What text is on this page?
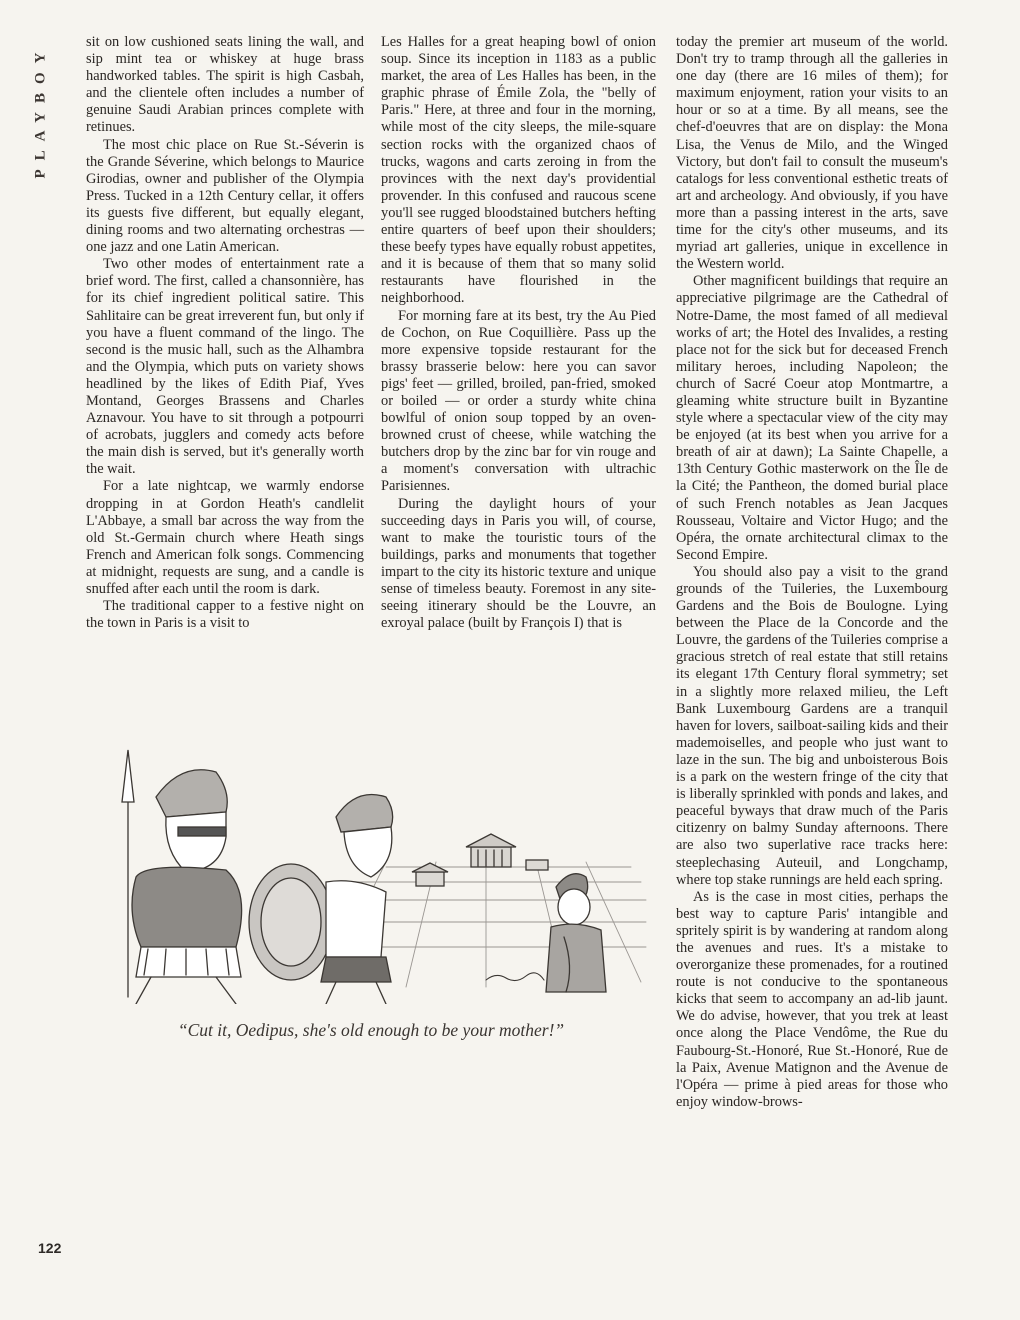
PLAYBOY

sit on low cushioned seats lining the wall, and sip mint tea or whiskey at huge brass handworked tables. The spirit is high Casbah, and the clientele often includes a number of genuine Saudi Arabian princes complete with retinues.

The most chic place on Rue St.-Séverin is the Grande Séverine, which belongs to Maurice Girodias, owner and publisher of the Olympia Press. Tucked in a 12th Century cellar, it offers its guests five different, but equally elegant, dining rooms and two alternating orchestras — one jazz and one Latin American.

Two other modes of entertainment rate a brief word. The first, called a chansonnière, has for its chief ingredient political satire. This Sahlitaire can be great irreverent fun, but only if you have a fluent command of the lingo. The second is the music hall, such as the Alhambra and the Olympia, which puts on variety shows headlined by the likes of Edith Piaf, Yves Montand, Georges Brassens and Charles Aznavour. You have to sit through a potpourri of acrobats, jugglers and comedy acts before the main dish is served, but it's generally worth the wait.

For a late nightcap, we warmly endorse dropping in at Gordon Heath's candlelit L'Abbaye, a small bar across the way from the old St.-Germain church where Heath sings French and American folk songs. Commencing at midnight, requests are sung, and a candle is snuffed after each until the room is dark.

The traditional capper to a festive night on the town in Paris is a visit to

Les Halles for a great heaping bowl of onion soup. Since its inception in 1183 as a public market, the area of Les Halles has been, in the graphic phrase of Émile Zola, the "belly of Paris." Here, at three and four in the morning, while most of the city sleeps, the mile-square section rocks with the organized chaos of trucks, wagons and carts zeroing in from the provinces with the next day's providential provender. In this confused and raucous scene you'll see rugged bloodstained butchers hefting entire quarters of beef upon their shoulders; these beefy types have equally robust appetites, and it is because of them that so many solid restaurants have flourished in the neighborhood.

For morning fare at its best, try the Au Pied de Cochon, on Rue Coquillière. Pass up the more expensive topside restaurant for the brassy brasserie below: here you can savor pigs' feet — grilled, broiled, pan-fried, smoked or boiled — or order a sturdy white china bowlful of onion soup topped by an oven-browned crust of cheese, while watching the butchers drop by the zinc bar for vin rouge and a moment's conversation with ultrachic Parisiennes.

During the daylight hours of your succeeding days in Paris you will, of course, want to make the touristic tours of the buildings, parks and monuments that together impart to the city its historic texture and unique sense of timeless beauty. Foremost in any site-seeing itinerary should be the Louvre, an exroyal palace (built by François I) that is

today the premier art museum of the world. Don't try to tramp through all the galleries in one day (there are 16 miles of them); for maximum enjoyment, ration your visits to an hour or so at a time. By all means, see the chef-d'oeuvres that are on display: the Mona Lisa, the Venus de Milo, and the Winged Victory, but don't fail to consult the museum's catalogs for less conventional esthetic treats of art and archeology. And obviously, if you have more than a passing interest in the arts, save time for the city's other museums, and its myriad art galleries, unique in excellence in the Western world.

Other magnificent buildings that require an appreciative pilgrimage are the Cathedral of Notre-Dame, the most famed of all medieval works of art; the Hotel des Invalides, a resting place not for the sick but for deceased French military heroes, including Napoleon; the church of Sacré Coeur atop Montmartre, a gleaming white structure built in Byzantine style where a spectacular view of the city may be enjoyed (at its best when you arrive for a breath of air at dawn); La Sainte Chapelle, a 13th Century Gothic masterwork on the Île de la Cité; the Pantheon, the domed burial place of such French notables as Jean Jacques Rousseau, Voltaire and Victor Hugo; and the Opéra, the ornate architectural climax to the Second Empire.

You should also pay a visit to the grand grounds of the Tuileries, the Luxembourg Gardens and the Bois de Boulogne. Lying between the Place de la Concorde and the Louvre, the gardens of the Tuileries comprise a gracious stretch of real estate that still retains its elegant 17th Century floral symmetry; set in a slightly more relaxed milieu, the Left Bank Luxembourg Gardens are a tranquil haven for lovers, sailboat-sailing kids and their mademoiselles, and people who just want to laze in the sun. The big and unboisterous Bois is a park on the western fringe of the city that is liberally sprinkled with ponds and lakes, and peaceful byways that draw much of the Paris citizenry on balmy Sunday afternoons. There are also two superlative race tracks here: steeplechasing Auteuil, and Longchamp, where top stake runnings are held each spring.

As is the case in most cities, perhaps the best way to capture Paris' intangible and spritely spirit is by wandering at random along the avenues and rues. It's a mistake to overorganize these promenades, for a routined route is not conducive to the spontaneous kicks that seem to accompany an ad-lib jaunt. We do advise, however, that you trek at least once along the Place Vendôme, the Rue du Faubourg-St.-Honoré, Rue St.-Honoré, Rue de la Paix, Avenue Matignon and the Avenue de l'Opéra — prime à pied areas for those who enjoy window-brows-

“Cut it, Oedipus, she's old enough to be your mother!”
122
